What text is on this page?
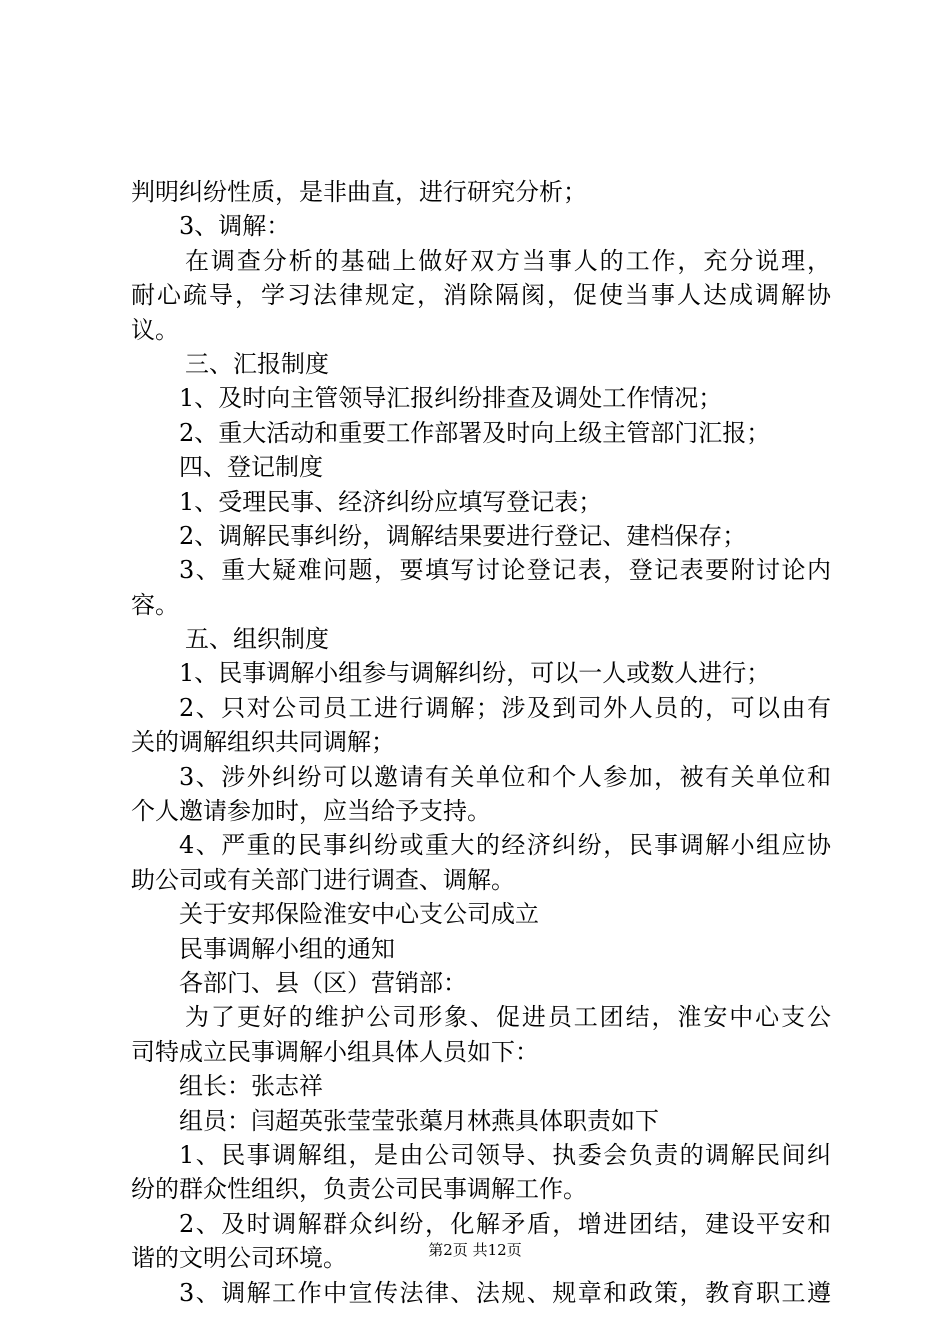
判明纠纷性质，是非曲直，进行研究分析；
3、调解：
在调查分析的基础上做好双方当事人的工作，充分说理，
耐心疏导，学习法律规定，消除隔阂，促使当事人达成调解协
议。
三、汇报制度
1、及时向主管领导汇报纠纷排查及调处工作情况；
2、重大活动和重要工作部署及时向上级主管部门汇报；
四、登记制度
1、受理民事、经济纠纷应填写登记表；
2、调解民事纠纷，调解结果要进行登记、建档保存；
3、重大疑难问题，要填写讨论登记表，登记表要附讨论内
容。
五、组织制度
1、民事调解小组参与调解纠纷，可以一人或数人进行；
2、只对公司员工进行调解；涉及到司外人员的，可以由有
关的调解组织共同调解；
3、涉外纠纷可以邀请有关单位和个人参加，被有关单位和
个人邀请参加时，应当给予支持。
4、严重的民事纠纷或重大的经济纠纷，民事调解小组应协
助公司或有关部门进行调查、调解。
关于安邦保险淮安中心支公司成立
民事调解小组的通知
各部门、县（区）营销部：
为了更好的维护公司形象、促进员工团结，淮安中心支公
司特成立民事调解小组具体人员如下：
组长：张志祥
组员：闫超英张莹莹张蕖月林燕具体职责如下
1、民事调解组，是由公司领导、执委会负责的调解民间纠
纷的群众性组织，负责公司民事调解工作。
2、及时调解群众纠纷，化解矛盾，增进团结，建设平安和
谐的文明公司环境。
3、调解工作中宣传法律、法规、规章和政策，教育职工遵
第2页 共12页
